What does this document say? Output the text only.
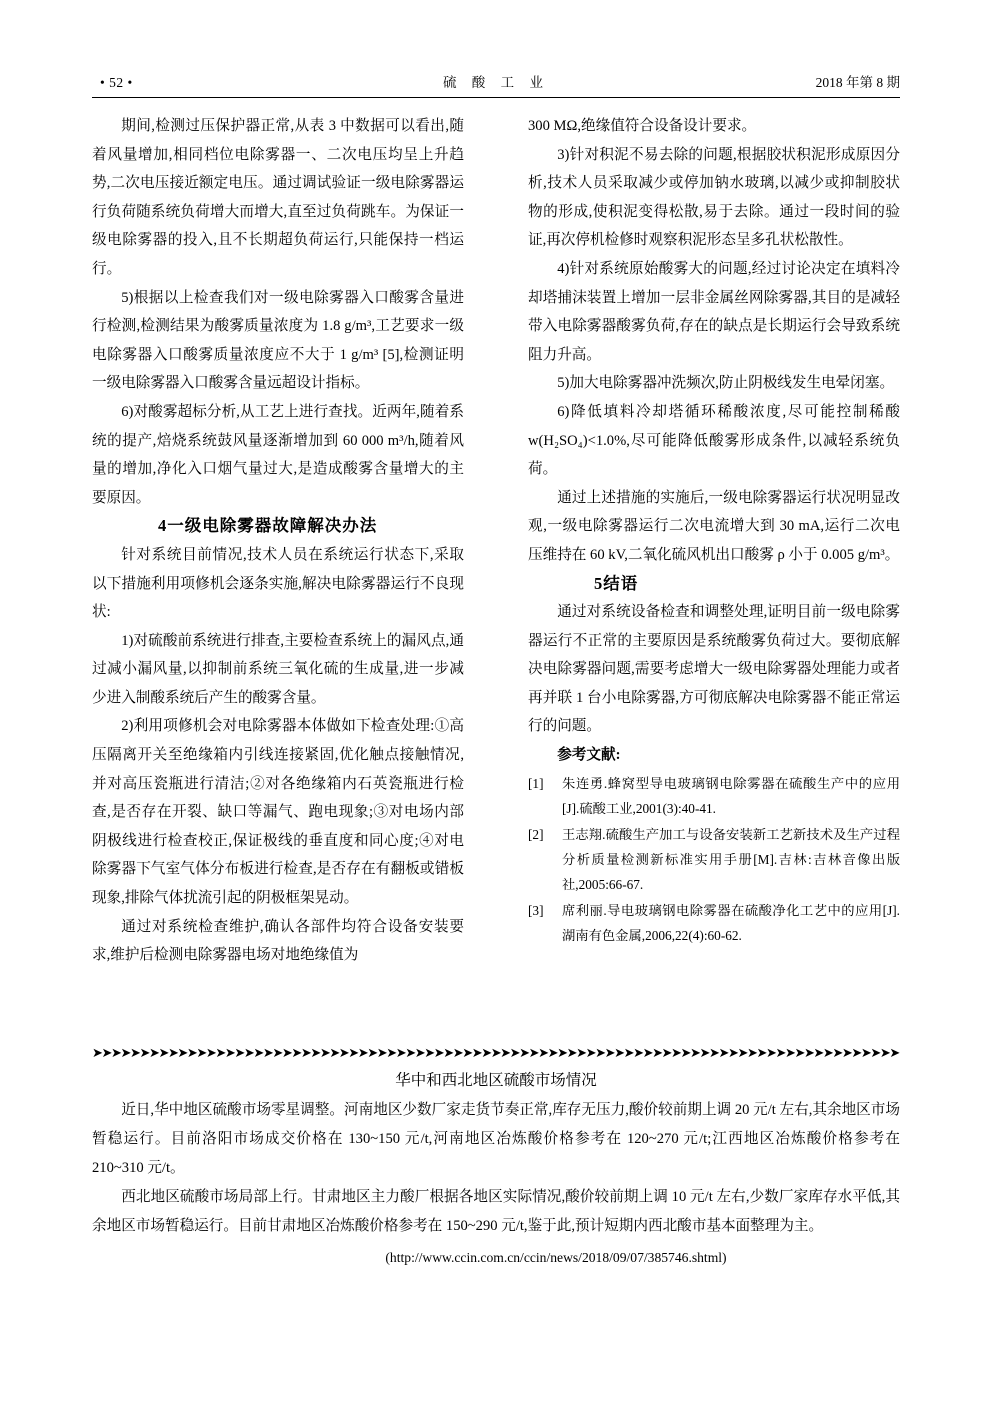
• 52 •	硫 酸 工 业	2018 年第 8 期

期间,检测过压保护器正常,从表 3 中数据可以看出,随着风量增加,相同档位电除雾器一、二次电压均呈上升趋势,二次电压接近额定电压。通过调试验证一级电除雾器运行负荷随系统负荷增大而增大,直至过负荷跳车。为保证一级电除雾器的投入,且不长期超负荷运行,只能保持一档运行。

5)根据以上检查我们对一级电除雾器入口酸雾含量进行检测,检测结果为酸雾质量浓度为 1.8 g/m³,工艺要求一级电除雾器入口酸雾质量浓度应不大于 1 g/m³ [5],检测证明一级电除雾器入口酸雾含量远超设计指标。

6)对酸雾超标分析,从工艺上进行查找。近两年,随着系统的提产,焙烧系统鼓风量逐渐增加到 60 000 m³/h,随着风量的增加,净化入口烟气量过大,是造成酸雾含量增大的主要原因。

4一级电除雾器故障解决办法

针对系统目前情况,技术人员在系统运行状态下,采取以下措施利用项修机会逐条实施,解决电除雾器运行不良现状:

1)对硫酸前系统进行排查,主要检查系统上的漏风点,通过减小漏风量,以抑制前系统三氧化硫的生成量,进一步减少进入制酸系统后产生的酸雾含量。

2)利用项修机会对电除雾器本体做如下检查处理:①高压隔离开关至绝缘箱内引线连接紧固,优化触点接触情况,并对高压瓷瓶进行清洁;②对各绝缘箱内石英瓷瓶进行检查,是否存在开裂、缺口等漏气、跑电现象;③对电场内部阴极线进行检查校正,保证极线的垂直度和同心度;④对电除雾器下气室气体分布板进行检查,是否存在有翻板或错板现象,排除气体扰流引起的阴极框架晃动。

通过对系统检查维护,确认各部件均符合设备安装要求,维护后检测电除雾器电场对地绝缘值为

300 MΩ,绝缘值符合设备设计要求。

3)针对积泥不易去除的问题,根据胶状积泥形成原因分析,技术人员采取减少或停加钠水玻璃,以减少或抑制胶状物的形成,使积泥变得松散,易于去除。通过一段时间的验证,再次停机检修时观察积泥形态呈多孔状松散性。

4)针对系统原始酸雾大的问题,经过讨论决定在填料冷却塔捕沫装置上增加一层非金属丝网除雾器,其目的是减轻带入电除雾器酸雾负荷,存在的缺点是长期运行会导致系统阻力升高。

5)加大电除雾器冲洗频次,防止阴极线发生电晕闭塞。

6)降低填料冷却塔循环稀酸浓度,尽可能控制稀酸 w(H₂SO₄)<1.0%,尽可能降低酸雾形成条件,以减轻系统负荷。

通过上述措施的实施后,一级电除雾器运行状况明显改观,一级电除雾器运行二次电流增大到 30 mA,运行二次电压维持在 60 kV,二氧化硫风机出口酸雾 ρ 小于 0.005 g/m³。

5结语

通过对系统设备检查和调整处理,证明目前一级电除雾器运行不正常的主要原因是系统酸雾负荷过大。要彻底解决电除雾器问题,需要考虑增大一级电除雾器处理能力或者再并联 1 台小电除雾器,方可彻底解决电除雾器不能正常运行的问题。

参考文献:

[1]	朱连勇.蜂窝型导电玻璃钢电除雾器在硫酸生产中的应用[J].硫酸工业,2001(3):40-41.
[2]	王志翔.硫酸生产加工与设备安装新工艺新技术及生产过程分析质量检测新标准实用手册[M].吉林:吉林音像出版社,2005:66-67.
[3]	席利丽.导电玻璃钢电除雾器在硫酸净化工艺中的应用[J].湖南有色金属,2006,22(4):60-62.
➤➤➤➤➤➤➤➤➤➤➤➤➤➤➤➤➤➤➤➤➤➤➤➤➤➤➤➤➤➤➤➤➤➤➤➤➤➤➤➤➤➤➤➤➤➤➤➤➤➤➤➤➤➤➤➤➤➤➤➤➤➤➤➤➤➤➤➤➤➤➤➤➤➤➤➤➤➤➤➤➤➤➤➤➤
华中和西北地区硫酸市场情况

近日,华中地区硫酸市场零星调整。河南地区少数厂家走货节奏正常,库存无压力,酸价较前期上调 20 元/t 左右,其余地区市场暂稳运行。目前洛阳市场成交价格在 130~150 元/t,河南地区冶炼酸价格参考在 120~270 元/t;江西地区冶炼酸价格参考在 210~310 元/t。

西北地区硫酸市场局部上行。甘肃地区主力酸厂根据各地区实际情况,酸价较前期上调 10 元/t 左右,少数厂家库存水平低,其余地区市场暂稳运行。目前甘肃地区冶炼酸价格参考在 150~290 元/t,鉴于此,预计短期内西北酸市基本面整理为主。

(http://www.ccin.com.cn/ccin/news/2018/09/07/385746.shtml)
